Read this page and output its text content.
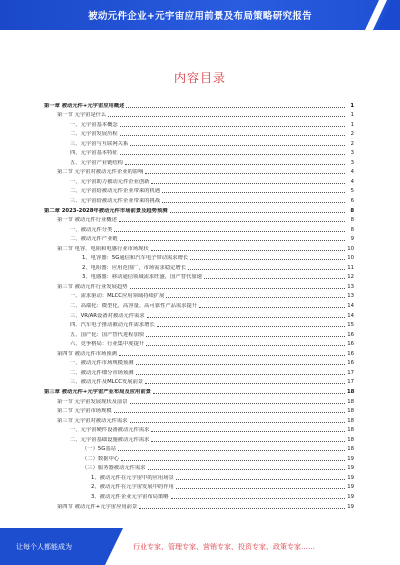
被动元件企业+元宇宙应用前景及布局策略研究报告
内容目录
第一章 被动元件+元宇宙应用概述	1
第一节 元宇宙是什么	1
一、元宇宙基本概念	1
二、元宇宙发展历程	2
三、元宇宙与互联网关系	2
四、元宇宙基本特征	3
五、元宇宙产业链结构	3
第二节 元宇宙对被动元件企业的影响	4
一、元宇宙助力被动元件企业创新	4
二、元宇宙给被动元件企业带来的机遇	5
三、元宇宙给被动元件企业带来的挑战	6
第二章 2023-2028年被动元件市场前景及趋势预测	8
第一节 被动元件行业概述	8
一、被动元件分类	8
二、被动元件产业链	9
第二节 电容、电阻和电感行业市场现状	10
1、电容器：5G通信和汽车电子带动需求增长	10
2、电阻器：应用范围广，市场需求稳定增长	11
3、电感器：移动通信领域需求旺盛，国产替代加速	12
第三节 被动元件行业发展趋势	13
一、需求驱动：MLCC应用领域持续扩展	13
二、高端化：微型化、高容量、高可靠性产品需求提升	14
三、VR/AR设备对被动元件需求	14
四、汽车电子推动被动元件需求增长	15
五、国产化：国产替代进程加快	16
六、竞争格局：行业集中度提升	16
第四节 被动元件市场预测	16
一、被动元件市场规模预测	16
二、被动元件细分市场预测	17
三、被动元件及MLCC发展前景	17
第三章 被动元件+元宇宙产业布局及应用前景	18
第一节 元宇宙发展现状及前景	18
第二节 元宇宙市场规模	18
第三节 元宇宙对被动元件需求	18
一、元宇宙硬件设备被动元件需求	18
二、元宇宙基础设施被动元件需求	18
（一）5G基站	18
（二）数据中心	19
（三）服务器被动元件需求	19
1、被动元件在元宇宙中的应用场景	19
2、被动元件在元宇宙发展中的作用	19
3、被动元件企业元宇宙布局策略	19
第四节 被动元件+元宇宙应用前景	19
让每个人都能成为	行业专家、管理专家、营销专家、投资专家、政策专家……
